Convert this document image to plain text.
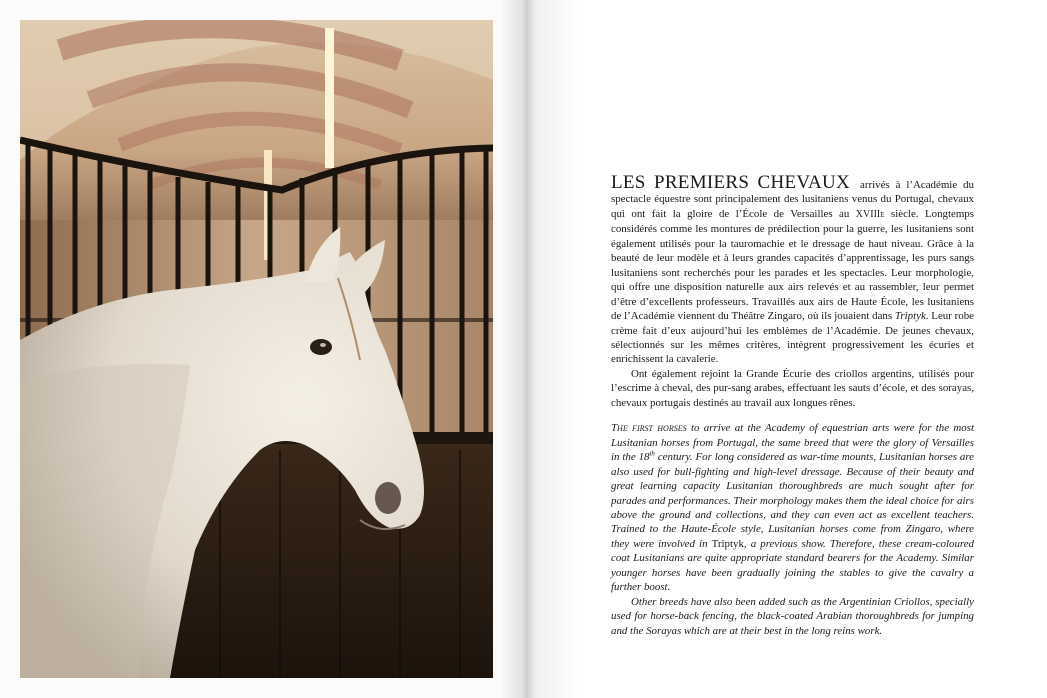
LES PREMIERS CHEVAUX arrivés à l’Académie du spectacle équestre sont principalement des lusitaniens venus du Portugal, chevaux qui ont fait la gloire de l’École de Versailles au XVIIIe siècle. Longtemps considérés comme les montures de prédilection pour la guerre, les lusitaniens sont également utilisés pour la tauromachie et le dressage de haut niveau. Grâce à la beauté de leur modèle et à leurs grandes capacités d’apprentissage, les purs sangs lusitaniens sont recherchés pour les parades et les spectacles. Leur morphologie, qui offre une disposition naturelle aux airs relevés et au rassembler, leur permet d’être d’excellents professeurs. Travaillés aux airs de Haute École, les lusitaniens de l’Académie viennent du Théâtre Zingaro, où ils jouaient dans Triptyk. Leur robe crème fait d’eux aujourd’hui les emblèmes de l’Académie. De jeunes chevaux, sélectionnés sur les mêmes critères, intègrent progressivement les écuries et enrichissent la cavalerie.

Ont également rejoint la Grande Écurie des criollos argentins, utilisés pour l’escrime à cheval, des pur-sang arabes, effectuant les sauts d’école, et des sorayas, chevaux portugais destinés au travail aux longues rênes.

The first horses to arrive at the Academy of equestrian arts were for the most Lusitanian horses from Portugal, the same breed that were the glory of Versailles in the 18th century. For long considered as war-time mounts, Lusitanian horses are also used for bull-fighting and high-level dressage. Because of their beauty and great learning capacity Lusitanian thoroughbreds are much sought after for parades and performances. Their morphology makes them the ideal choice for airs above the ground and collections, and they can even act as excellent teachers. Trained to the Haute-École style, Lusitanian horses come from Zingaro, where they were involved in Triptyk, a previous show. Therefore, these cream-coloured coat Lusitanians are quite appropriate standard bearers for the Academy. Similar younger horses have been gradually joining the stables to give the cavalry a further boost.

Other breeds have also been added such as the Argentinian Criollos, specially used for horse-back fencing, the black-coated Arabian thoroughbreds for jumping and the Sorayas which are at their best in the long reins work.
